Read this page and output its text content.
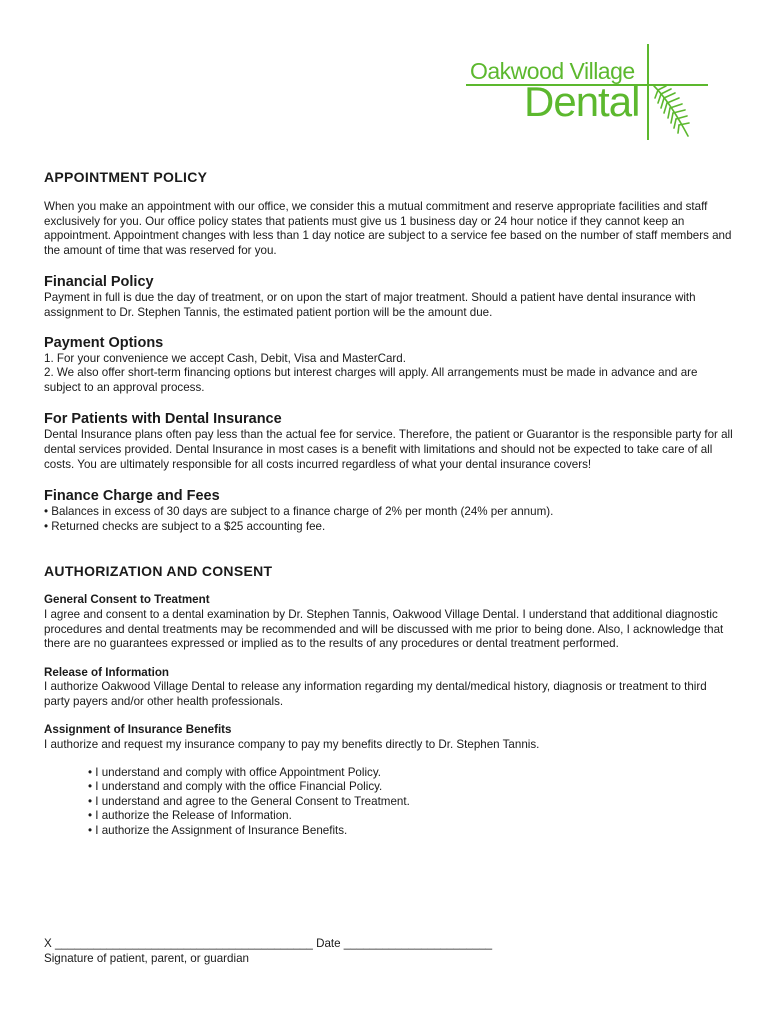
Oakwood Village
Dental
APPOINTMENT POLICY

When you make an appointment with our office, we consider this a mutual commitment and reserve appropriate facilities and staff exclusively for you. Our office policy states that patients must give us 1 business day or 24 hour notice if they cannot keep an appointment. Appointment changes with less than 1 day notice are subject to a service fee based on the number of staff members and the amount of time that was reserved for you.

Financial Policy

Payment in full is due the day of treatment, or on upon the start of major treatment. Should a patient have dental insurance with assignment to Dr. Stephen Tannis, the estimated patient portion will be the amount due.

Payment Options

1. For your convenience we accept Cash, Debit, Visa and MasterCard.

2. We also offer short-term financing options but interest charges will apply. All arrangements must be made in advance and are subject to an approval process.

For Patients with Dental Insurance

Dental Insurance plans often pay less than the actual fee for service. Therefore, the patient or Guarantor is the responsible party for all dental services provided. Dental Insurance in most cases is a benefit with limitations and should not be expected to take care of all costs. You are ultimately responsible for all costs incurred regardless of what your dental insurance covers!

Finance Charge and Fees

• Balances in excess of 30 days are subject to a finance charge of 2% per month (24% per annum).

• Returned checks are subject to a $25 accounting fee.

AUTHORIZATION AND CONSENT
General Consent to Treatment

I agree and consent to a dental examination by Dr. Stephen Tannis, Oakwood Village Dental. I understand that additional diagnostic procedures and dental treatments may be recommended and will be discussed with me prior to being done. Also, I acknowledge that there are no guarantees expressed or implied as to the results of any procedures or dental treatment performed.

Release of Information

I authorize Oakwood Village Dental to release any information regarding my dental/medical history, diagnosis or treatment to third party payers and/or other health professionals.

Assignment of Insurance Benefits

I authorize and request my insurance company to pay my benefits directly to Dr. Stephen Tannis.

• I understand and comply with office Appointment Policy.
• I understand and comply with the office Financial Policy.
• I understand and agree to the General Consent to Treatment.
• I authorize the Release of Information.
• I authorize the Assignment of Insurance Benefits.
X ________________________________________ Date _______________________
Signature of patient, parent, or guardian
